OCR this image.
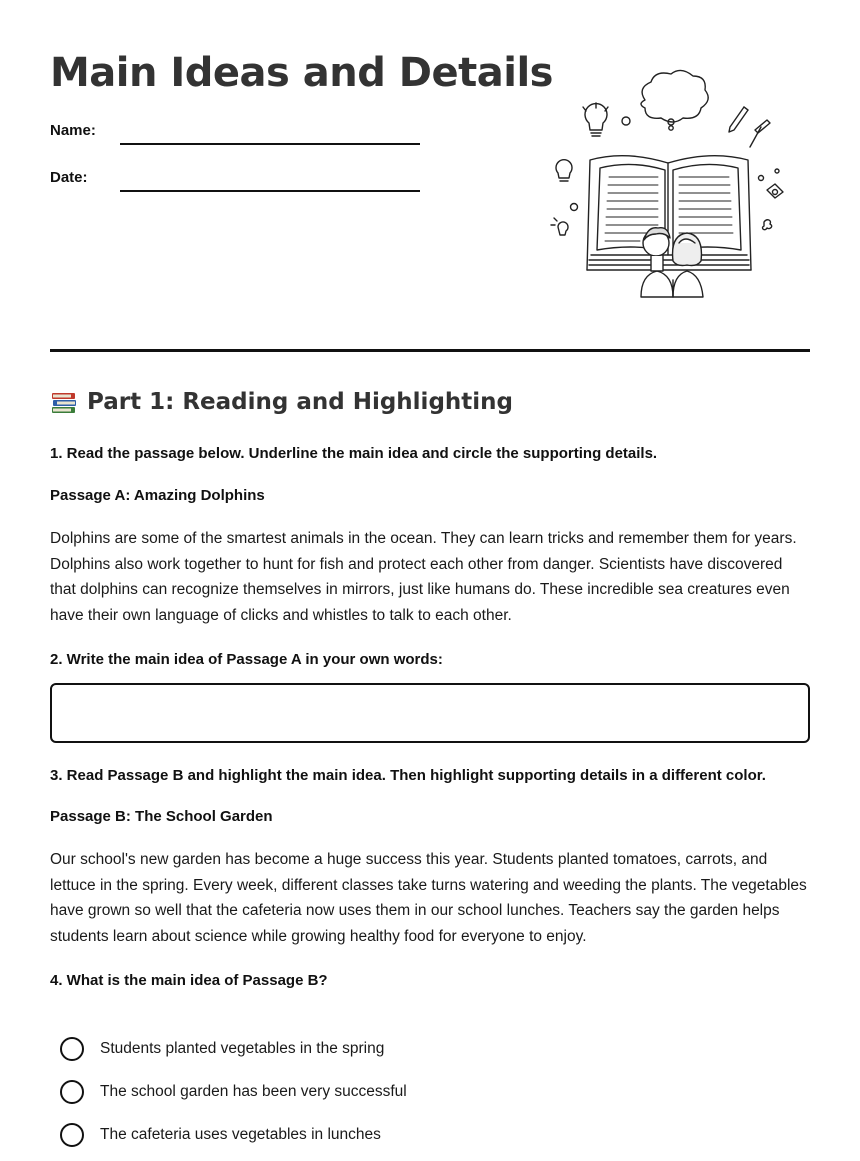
Main Ideas and Details
Name:
Date:
Part 1: Reading and Highlighting

1. Read the passage below. Underline the main idea and circle the supporting details.

Passage A: Amazing Dolphins

Dolphins are some of the smartest animals in the ocean. They can learn tricks and remember them for years. Dolphins also work together to hunt for fish and protect each other from danger. Scientists have discovered that dolphins can recognize themselves in mirrors, just like humans do. These incredible sea creatures even have their own language of clicks and whistles to talk to each other.

2. Write the main idea of Passage A in your own words:

3. Read Passage B and highlight the main idea. Then highlight supporting details in a different color.

Passage B: The School Garden

Our school's new garden has become a huge success this year. Students planted tomatoes, carrots, and lettuce in the spring. Every week, different classes take turns watering and weeding the plants. The vegetables have grown so well that the cafeteria now uses them in our school lunches. Teachers say the garden helps students learn about science while growing healthy food for everyone to enjoy.

4. What is the main idea of Passage B?

Students planted vegetables in the spring
The school garden has been very successful
The cafeteria uses vegetables in lunches
